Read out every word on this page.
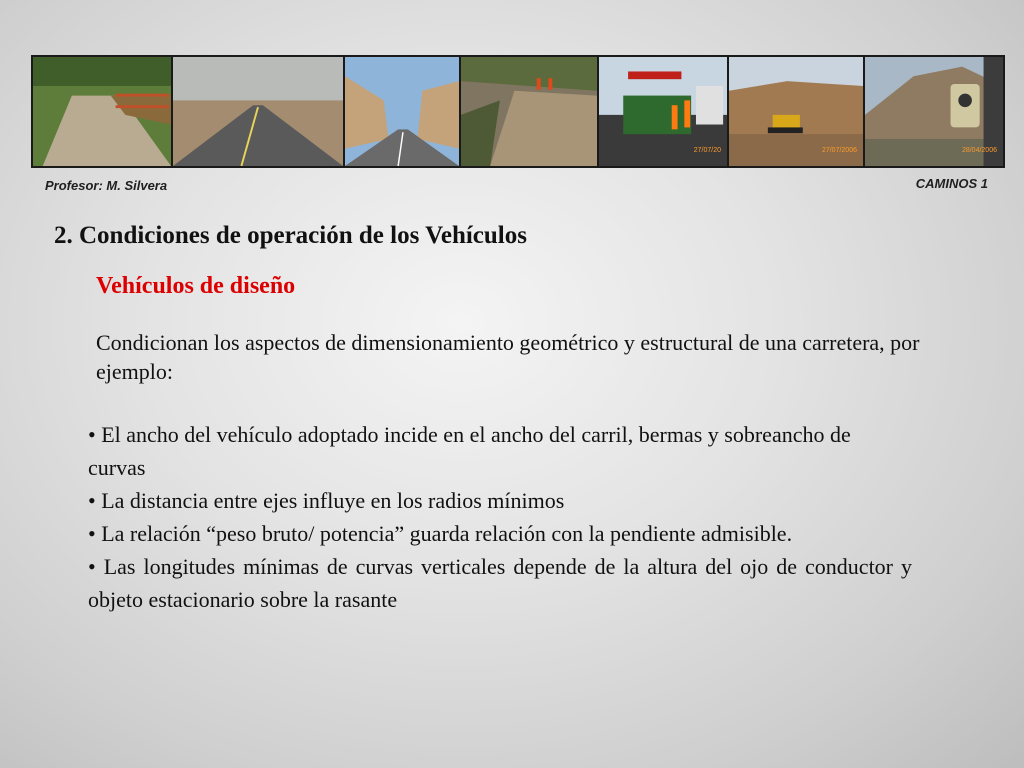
27/07/20	27/07/2006	28/04/2006
Profesor: M. Silvera	CAMINOS 1
2. Condiciones de operación de los Vehículos
Vehículos de diseño

Condicionan los aspectos de dimensionamiento geométrico y estructural de una carretera, por ejemplo:

• El ancho del vehículo adoptado incide en el ancho del carril, bermas y sobreancho de curvas

• La distancia entre ejes influye en los radios mínimos

• La relación “peso bruto/ potencia” guarda relación con la pendiente admisible.

• Las longitudes mínimas de curvas verticales depende de la altura del ojo de conductor y objeto estacionario sobre la rasante
